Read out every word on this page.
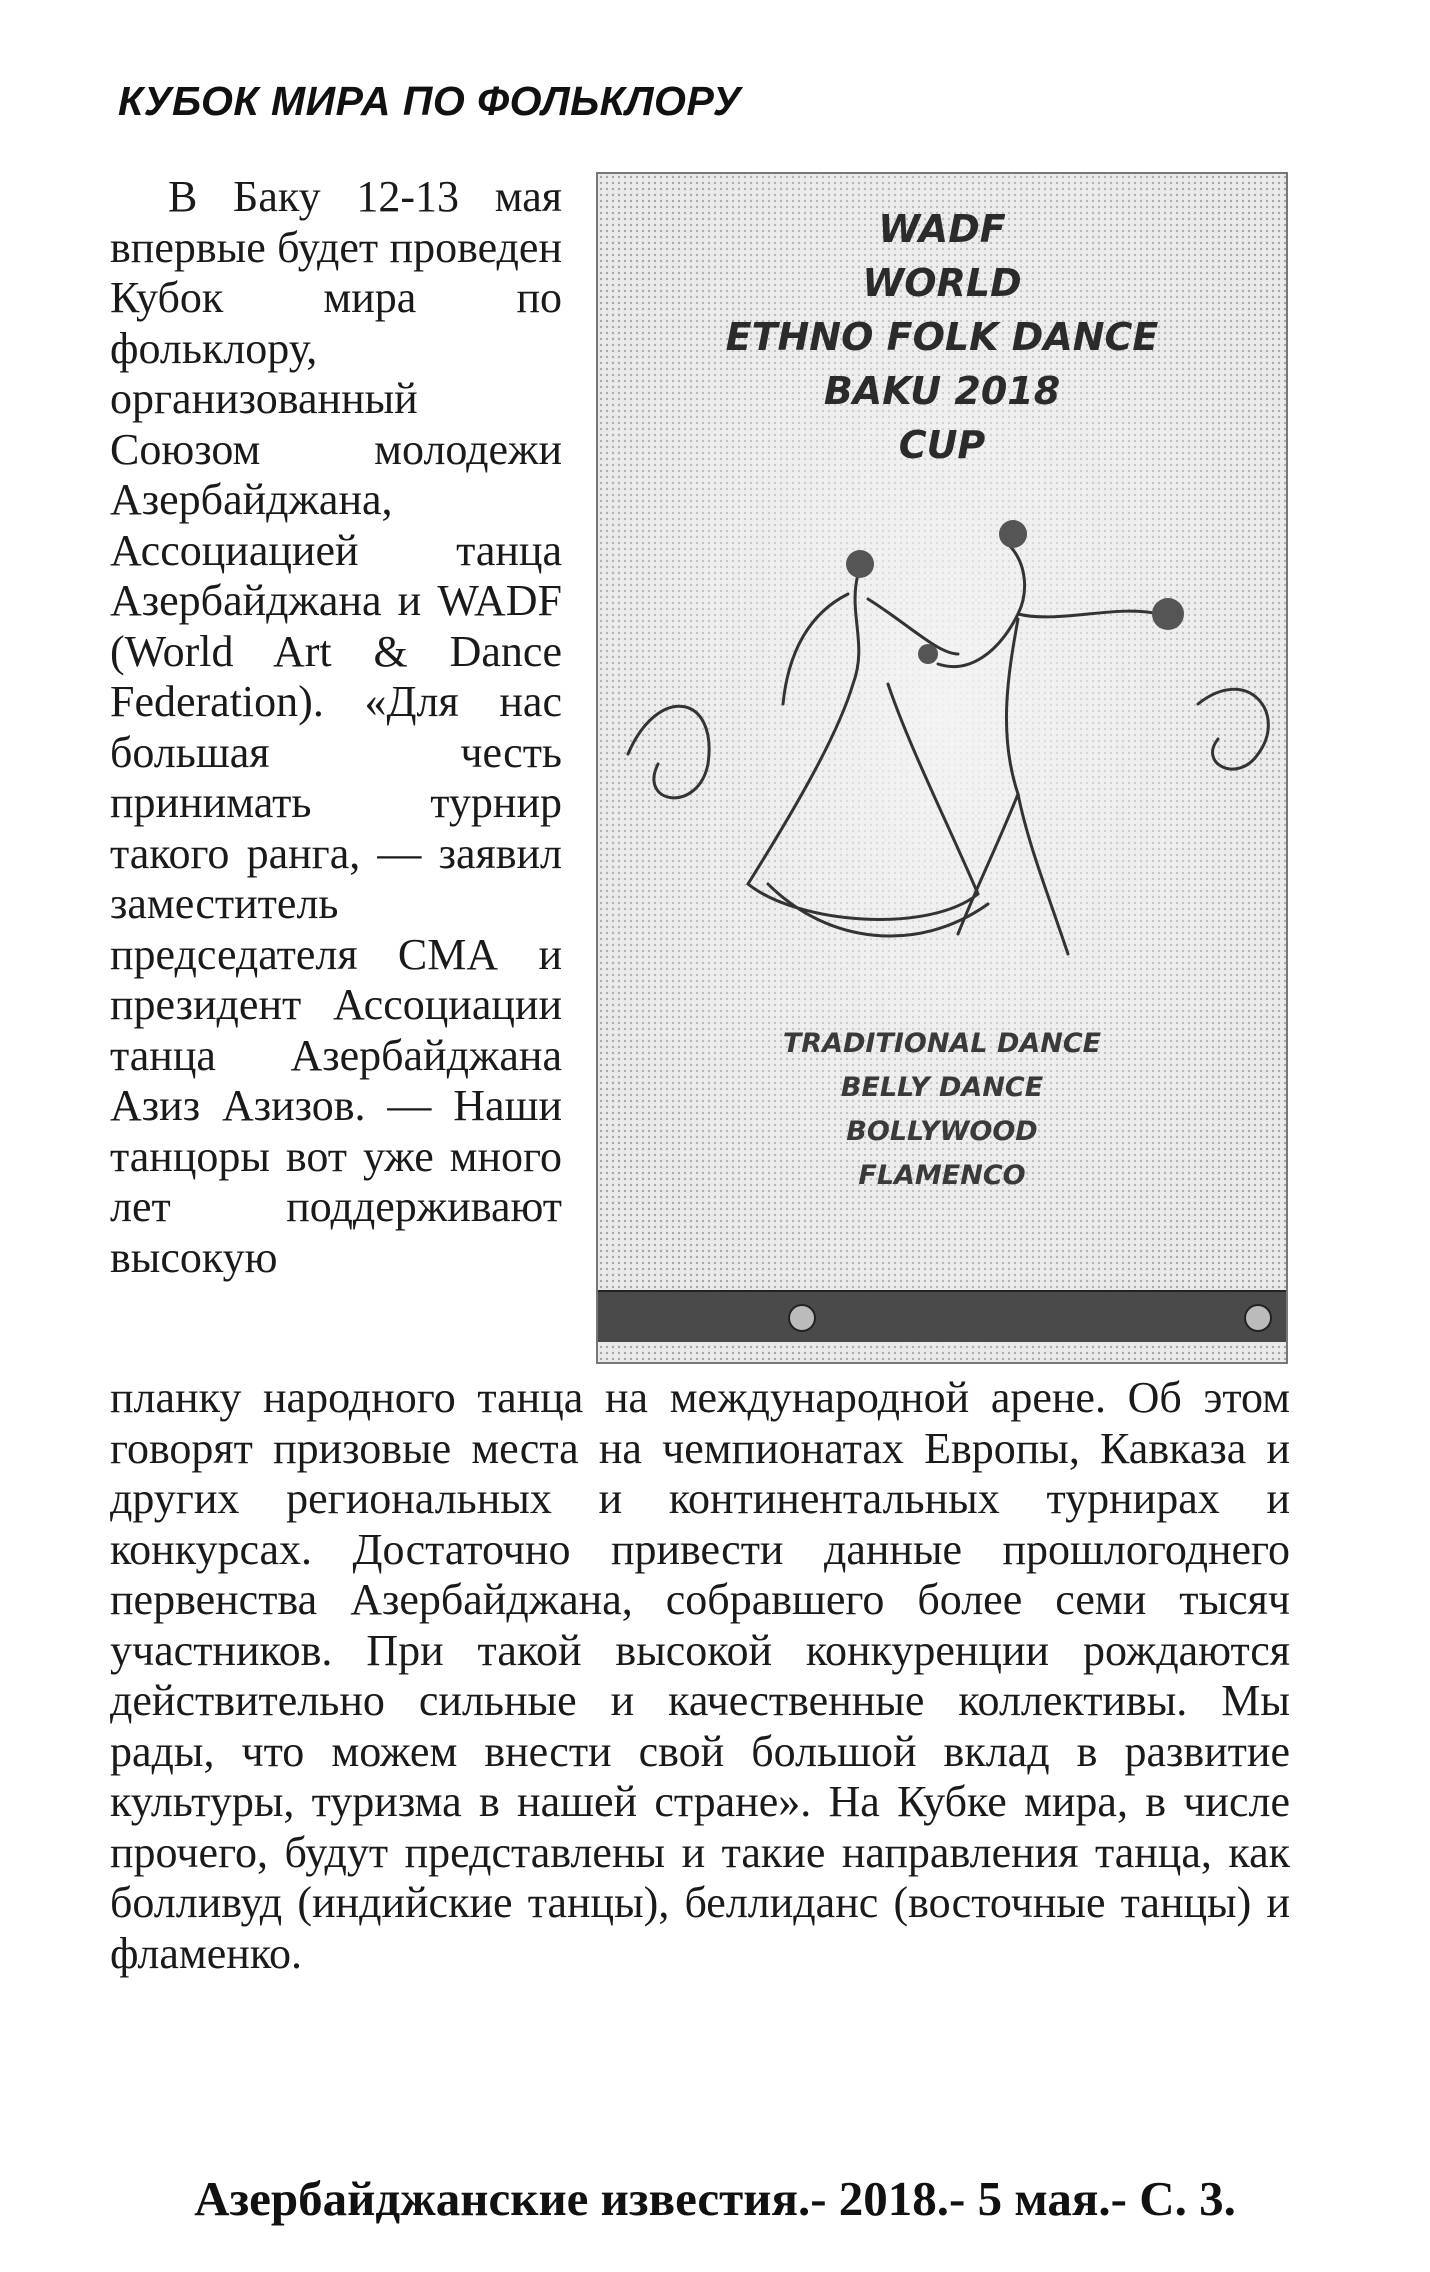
КУБОК МИРА ПО ФОЛЬКЛОРУ

В Баку 12-13 мая впервые будет проведен Кубок мира по фольклору, организованный Союзом молодежи Азербайджана, Ассоциацией танца Азербайджана и WADF (World Art & Dance Federation). «Для нас большая честь принимать турнир такого ранга, — заявил заместитель председателя СМА и президент Ассоциации танца Азербайджана Азиз Азизов. — Наши танцоры вот уже много лет поддерживают высокую

WADF
WORLD
ETHNO FOLK DANCE
BAKU 2018
CUP
TRADITIONAL DANCE
BELLY DANCE
BOLLYWOOD
FLAMENCO

планку народного танца на международной арене. Об этом говорят призовые места на чемпионатах Европы, Кавказа и других региональных и континентальных турнирах и конкурсах. Достаточно привести данные прошлогоднего первенства Азербайджана, собравшего более семи тысяч участников. При такой высокой конкуренции рождаются действительно сильные и качественные коллективы. Мы рады, что можем внести свой большой вклад в развитие культуры, туризма в нашей стране». На Кубке мира, в числе прочего, будут представлены и такие направления танца, как болливуд (индийские танцы), беллиданс (восточные танцы) и фламенко.

Азербайджанские известия.- 2018.- 5 мая.- С. 3.
